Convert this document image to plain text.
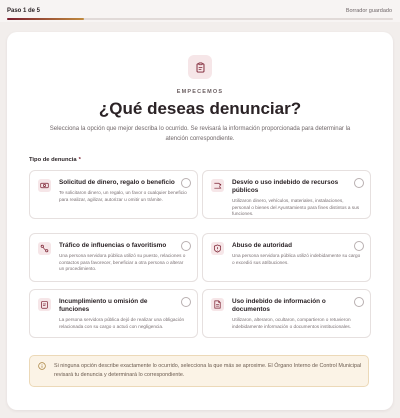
Paso 1 de 5	Borrador guardado
EMPECEMOS
¿Qué deseas denunciar?
Selecciona la opción que mejor describa lo ocurrido. Se revisará la información proporcionada para determinar la atención correspondiente.
Tipo de denuncia *
Solicitud de dinero, regalo o beneficio
Te solicitaron dinero, un regalo, un favor o cualquier beneficio para realizar, agilizar, autorizar u omitir un trámite.
Desvío o uso indebido de recursos públicos
Utilizaron dinero, vehículos, materiales, instalaciones, personal o bienes del Ayuntamiento para fines distintos a sus funciones.
Tráfico de influencias o favoritismo
Una persona servidora pública utilizó su puesto, relaciones o contactos para favorecer, beneficiar a otra persona o alterar un procedimiento.
Abuso de autoridad
Una persona servidora pública utilizó indebidamente su cargo o excedió sus atribuciones.
Incumplimiento u omisión de funciones
La persona servidora pública dejó de realizar una obligación relacionada con su cargo o actuó con negligencia.
Uso indebido de información o documentos
Utilizaron, alteraron, ocultaron, compartieron o retuvieron indebidamente información o documentos institucionales.
Si ninguna opción describe exactamente lo ocurrido, selecciona la que más se aproxime. El Órgano Interno de Control Municipal revisará tu denuncia y determinará lo correspondiente.
